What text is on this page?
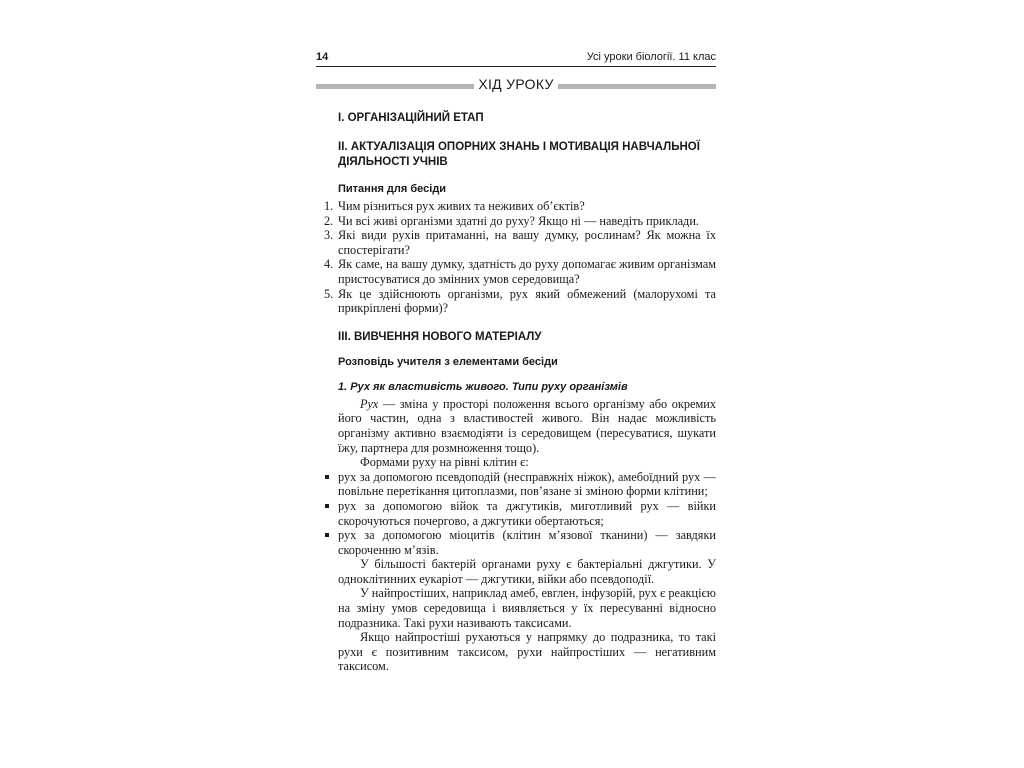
14	Усі уроки біології. 11 клас
ХІД УРОКУ
I. ОРГАНІЗАЦІЙНИЙ ЕТАП
II. АКТУАЛІЗАЦІЯ ОПОРНИХ ЗНАНЬ І МОТИВАЦІЯ НАВЧАЛЬНОЇ
ДІЯЛЬНОСТІ УЧНІВ
Питання для бесіди
1. Чим різниться рух живих та неживих об’єктів?
2. Чи всі живі організми здатні до руху? Якщо ні — наведіть приклади.
3. Які види рухів притаманні, на вашу думку, рослинам? Як можна їх спостерігати?
4. Як саме, на вашу думку, здатність до руху допомагає живим організмам пристосуватися до змінних умов середовища?
5. Як це здійснюють організми, рух який обмежений (малорухомі та прикріплені форми)?
III. ВИВЧЕННЯ НОВОГО МАТЕРІАЛУ
Розповідь учителя з елементами бесіди
1. Рух як властивість живого. Типи руху організмів

Рух — зміна у просторі положення всього організму або окремих його частин, одна з властивостей живого. Він надає можливість організму активно взаємодіяти із середовищем (пересуватися, шукати їжу, партнера для розмноження тощо).

Формами руху на рівні клітин є:

рух за допомогою псевдоподій (несправжніх ніжок), амебоїдний рух — повільне перетікання цитоплазми, пов’язане зі зміною форми клітини;
рух за допомогою війок та джгутиків, миготливий рух — війки скорочуються почергово, а джгутики обертаються;
рух за допомогою міоцитів (клітин м’язової тканини) — завдяки скороченню м’язів.

У більшості бактерій органами руху є бактеріальні джгутики. У одноклітинних еукаріот — джгутики, війки або псевдоподії.

У найпростіших, наприклад амеб, евглен, інфузорій, рух є реакцією на зміну умов середовища і виявляється у їх пересуванні відносно подразника. Такі рухи називають таксисами.

Якщо найпростіші рухаються у напрямку до подразника, то такі рухи є позитивним таксисом, рухи найпростіших — негативним таксисом.
